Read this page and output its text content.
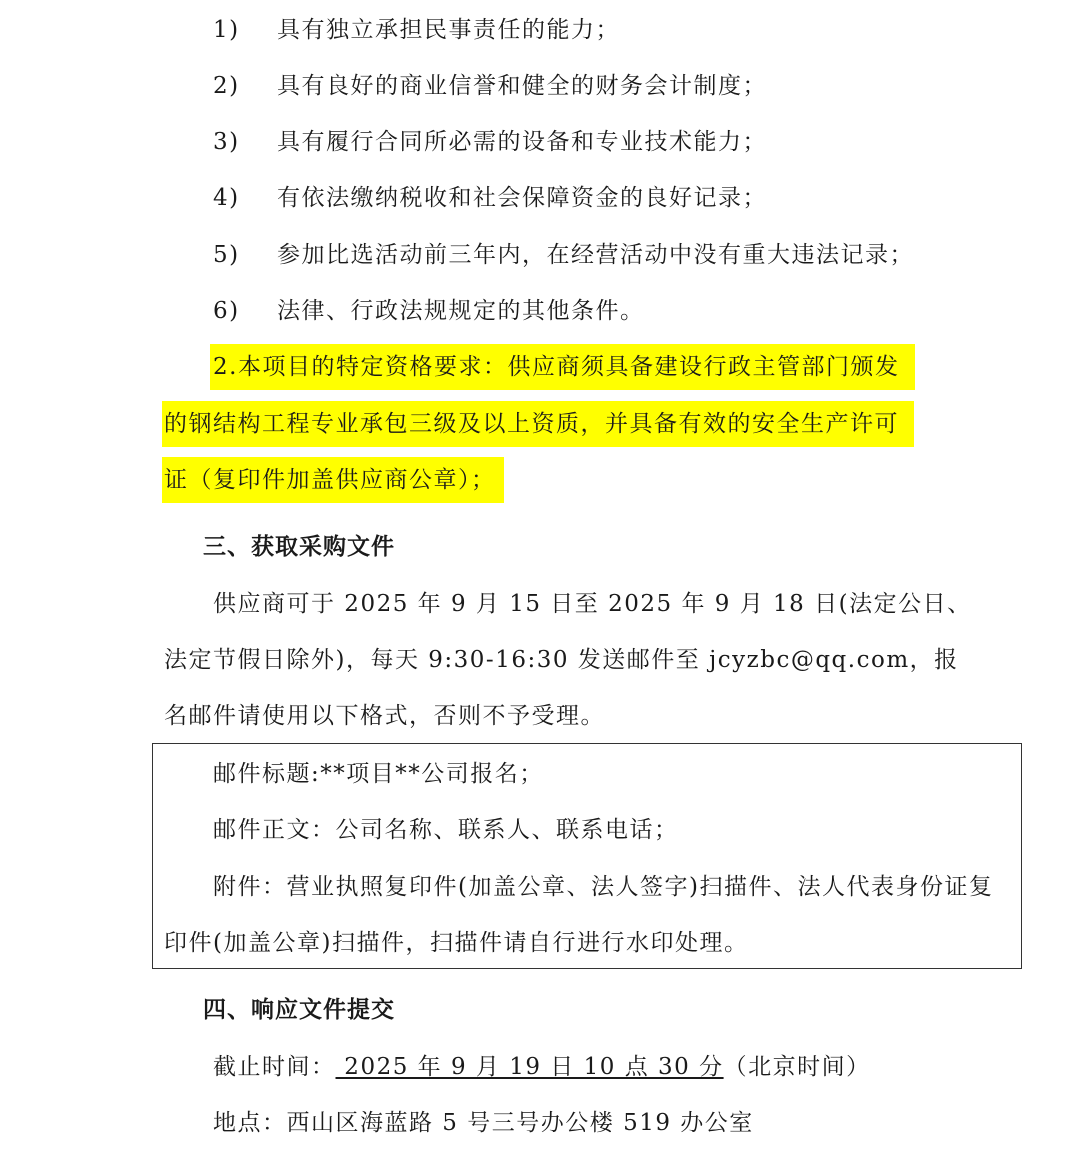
1) 具有独立承担民事责任的能力；
2) 具有良好的商业信誉和健全的财务会计制度；
3) 具有履行合同所必需的设备和专业技术能力；
4) 有依法缴纳税收和社会保障资金的良好记录；
5) 参加比选活动前三年内，在经营活动中没有重大违法记录；
6) 法律、行政法规规定的其他条件。
2.本项目的特定资格要求：供应商须具备建设行政主管部门颁发
的钢结构工程专业承包三级及以上资质，并具备有效的安全生产许可
证（复印件加盖供应商公章）；
三、获取采购文件
供应商可于 2025 年 9 月 15 日至 2025 年 9 月 18 日(法定公日、
法定节假日除外)，每天 9:30-16:30 发送邮件至 jcyzbc@qq.com，报
名邮件请使用以下格式，否则不予受理。
邮件标题:**项目**公司报名；
邮件正文：公司名称、联系人、联系电话；
附件：营业执照复印件(加盖公章、法人签字)扫描件、法人代表身份证复
印件(加盖公章)扫描件，扫描件请自行进行水印处理。
四、响应文件提交
截止时间： 2025 年 9 月 19 日 10 点 30 分（北京时间）
地点：西山区海蓝路 5 号三号办公楼 519 办公室
